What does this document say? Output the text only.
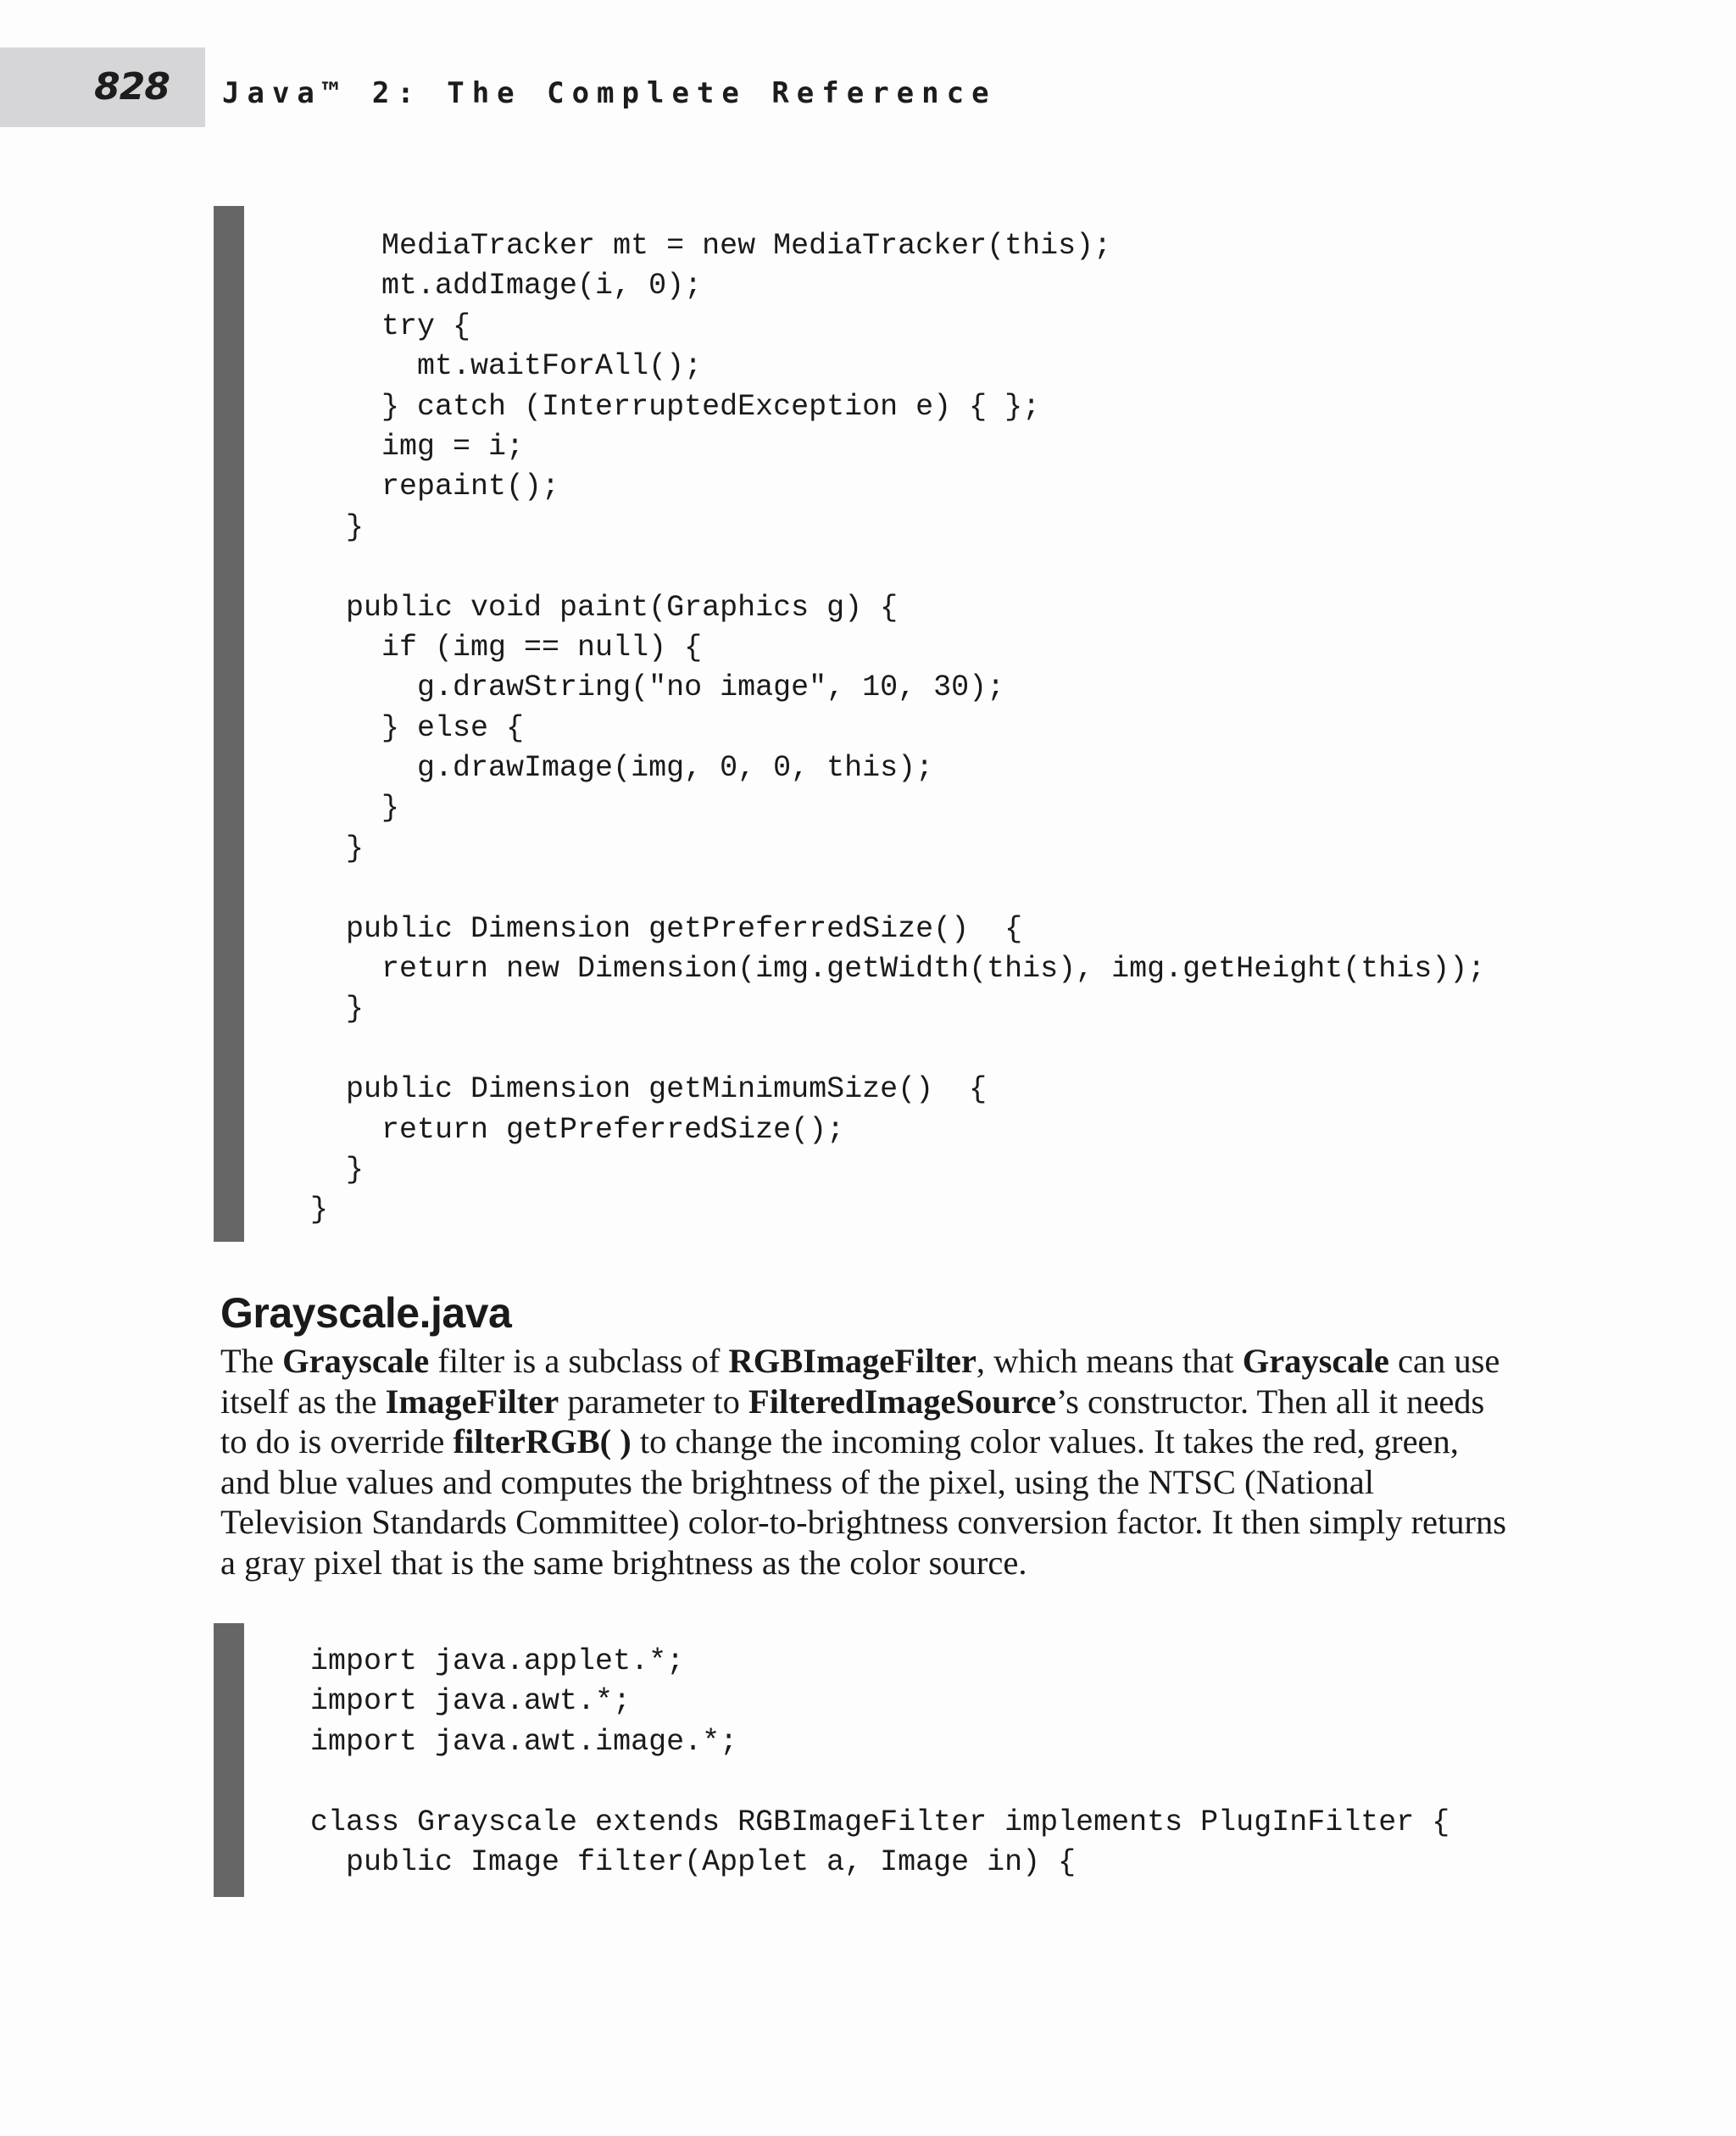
828 Java™ 2: The Complete Reference
MediaTracker mt = new MediaTracker(this);
mt.addImage(i, 0);
try {
mt.waitForAll();
} catch (InterruptedException e) { };
img = i;
repaint();
}
public void paint(Graphics g) {
if (img == null) {
g.drawString("no image", 10, 30);
} else {
g.drawImage(img, 0, 0, this);
}
}
public Dimension getPreferredSize()  {
return new Dimension(img.getWidth(this), img.getHeight(this));
}
public Dimension getMinimumSize()  {
return getPreferredSize();
}
}
Grayscale.java

The Grayscale filter is a subclass of RGBImageFilter, which means that Grayscale can use itself as the ImageFilter parameter to FilteredImageSource’s constructor. Then all it needs to do is override filterRGB( ) to change the incoming color values. It takes the red, green, and blue values and computes the brightness of the pixel, using the NTSC (National Television Standards Committee) color-to-brightness conversion factor. It then simply returns a gray pixel that is the same brightness as the color source.

import java.applet.*;
import java.awt.*;
import java.awt.image.*;
class Grayscale extends RGBImageFilter implements PlugInFilter {
public Image filter(Applet a, Image in) {
